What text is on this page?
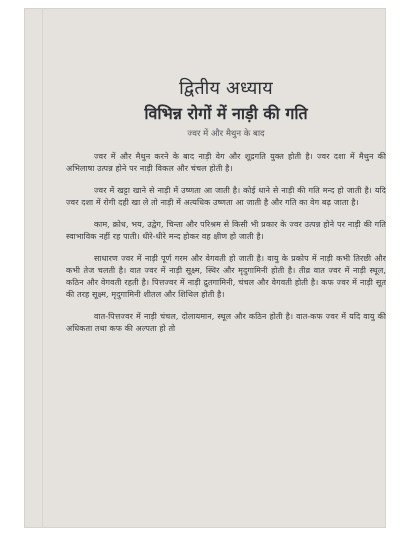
द्वितीय अध्याय
विभिन्न रोगों में नाड़ी की गति
ज्वर में और मैथुन के बाद

ज्वर में और मैथुन करने के बाद नाड़ी वेग और शूद्रगति युक्त होती है। ज्वर दशा में मैथुन की अभिलाषा उत्पन्न होने पर नाड़ी विकल और चंचल होती है।

ज्वर में खट्टा खाने से नाड़ी में उष्णता आ जाती है। कोई धाने से नाड़ी की गति मन्द हो जाती है। यदि ज्वर दशा में रोगी दही खा ले तो नाड़ी में अत्यधिक उष्णता आ जाती है और गति का वेग बढ़ जाता है।

काम, क्रोध, भय, उद्वेग, चिन्ता और परिश्रम से किसी भी प्रकार के ज्वर उत्पन्न होने पर नाड़ी की गति स्वाभाविक नहीं रह पाती। धीरे-धीरे मन्द होकर वह क्षीण हो जाती है।

साधारण ज्वर में नाड़ी पूर्ण गरम और वेगवती हो जाती है। वायु के प्रकोप में नाड़ी कभी तिरछी और कभी तेज चलती है। वात ज्वर में नाड़ी सूक्ष्म, स्थिर और मृदुगामिनी होती है। तीव्र वात ज्वर में नाड़ी स्थूल, कठिन और वेगवती रहती है। पित्तज्वर में नाड़ी द्रुतगामिनी, चंचल और वेगवती होती है। कफ ज्वर में नाड़ी सूत की तरह सूक्ष्म, मृदुगामिनी शीतल और शिथिल होती है।

वात-पित्तज्वर में नाड़ी चंचल, दोलायमान, स्थूल और कठिन होती है। वात-कफ ज्वर में यदि वायु की अधिकता तथा कफ की अल्पता हो तो
